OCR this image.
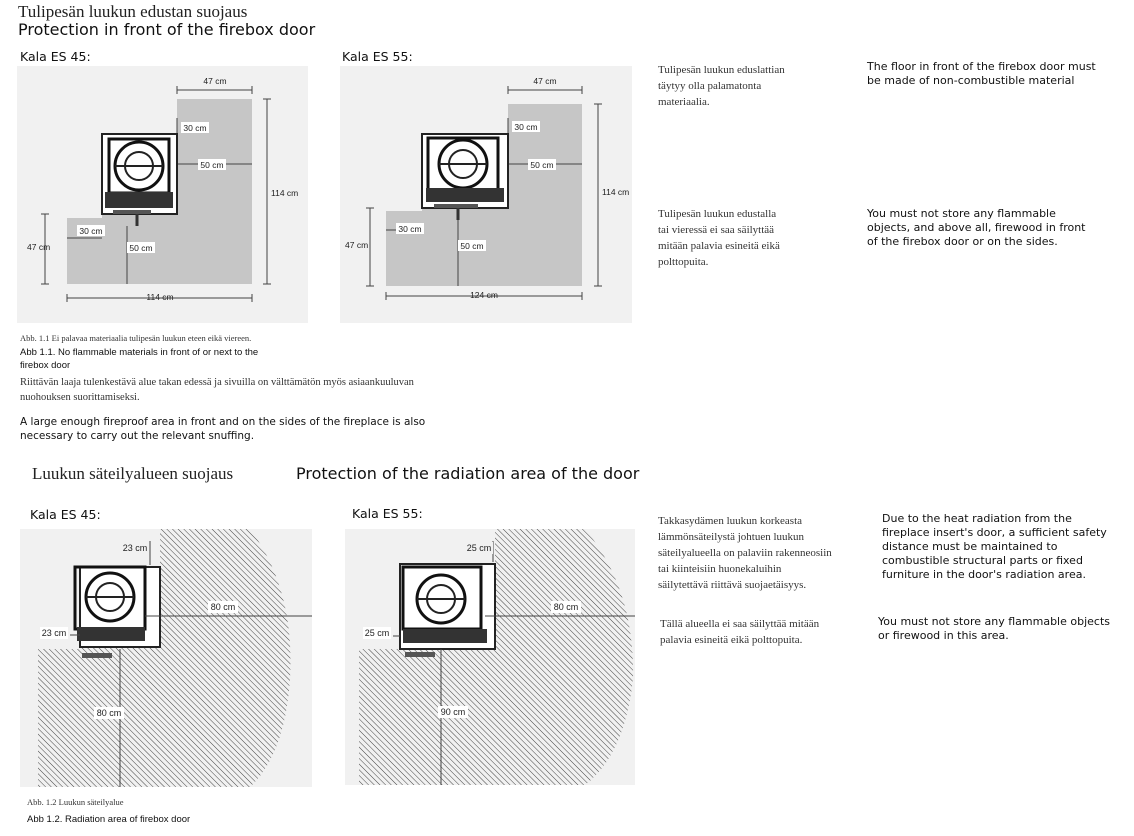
Tulipesän luukun edustan suojaus
Protection in front of the firebox door
Kala ES 45:	Kala ES 55:
47 cm
30 cm
50 cm
114 cm
47 cm
30 cm
50 cm
114 cm
47 cm
30 cm
50 cm
114 cm
47 cm
30 cm
50 cm
124 cm
Abb. 1.1 Ei palavaa materiaalia tulipesän luukun eteen eikä viereen.
Abb 1.1. No flammable materials in front of or next to the
firebox door
Riittävän laaja tulenkestävä alue takan edessä ja sivuilla on välttämätön myös asiaankuuluvan
nuohouksen suorittamiseksi.
A large enough fireproof area in front and on the sides of the fireplace is also
necessary to carry out the relevant snuffing.
Tulipesän luukun eduslattian
täytyy olla palamatonta
materiaalia.
The floor in front of the firebox door must
be made of non-combustible material
Tulipesän luukun edustalla
tai vieressä ei saa säilyttää
mitään palavia esineitä eikä
polttopuita.
You must not store any flammable
objects, and above all, firewood in front
of the firebox door or on the sides.
Luukun säteilyalueen suojaus	Protection of the radiation area of the door
Kala ES 45:	Kala ES 55:
23 cm
80 cm
23 cm
80 cm
25 cm
80 cm
25 cm
90 cm
Abb. 1.2 Luukun säteilyalue
Abb 1.2. Radiation area of firebox door
Takkasydämen luukun korkeasta
lämmönsäteilystä johtuen luukun
säteilyalueella on palaviin rakenneosiin
tai kiinteisiin huonekaluihin
säilytettävä riittävä suojaetäisyys.
Due to the heat radiation from the
fireplace insert's door, a sufficient safety
distance must be maintained to
combustible structural parts or fixed
furniture in the door's radiation area.
Tällä alueella ei saa säilyttää mitään
palavia esineitä eikä polttopuita.
You must not store any flammable objects
or firewood in this area.
